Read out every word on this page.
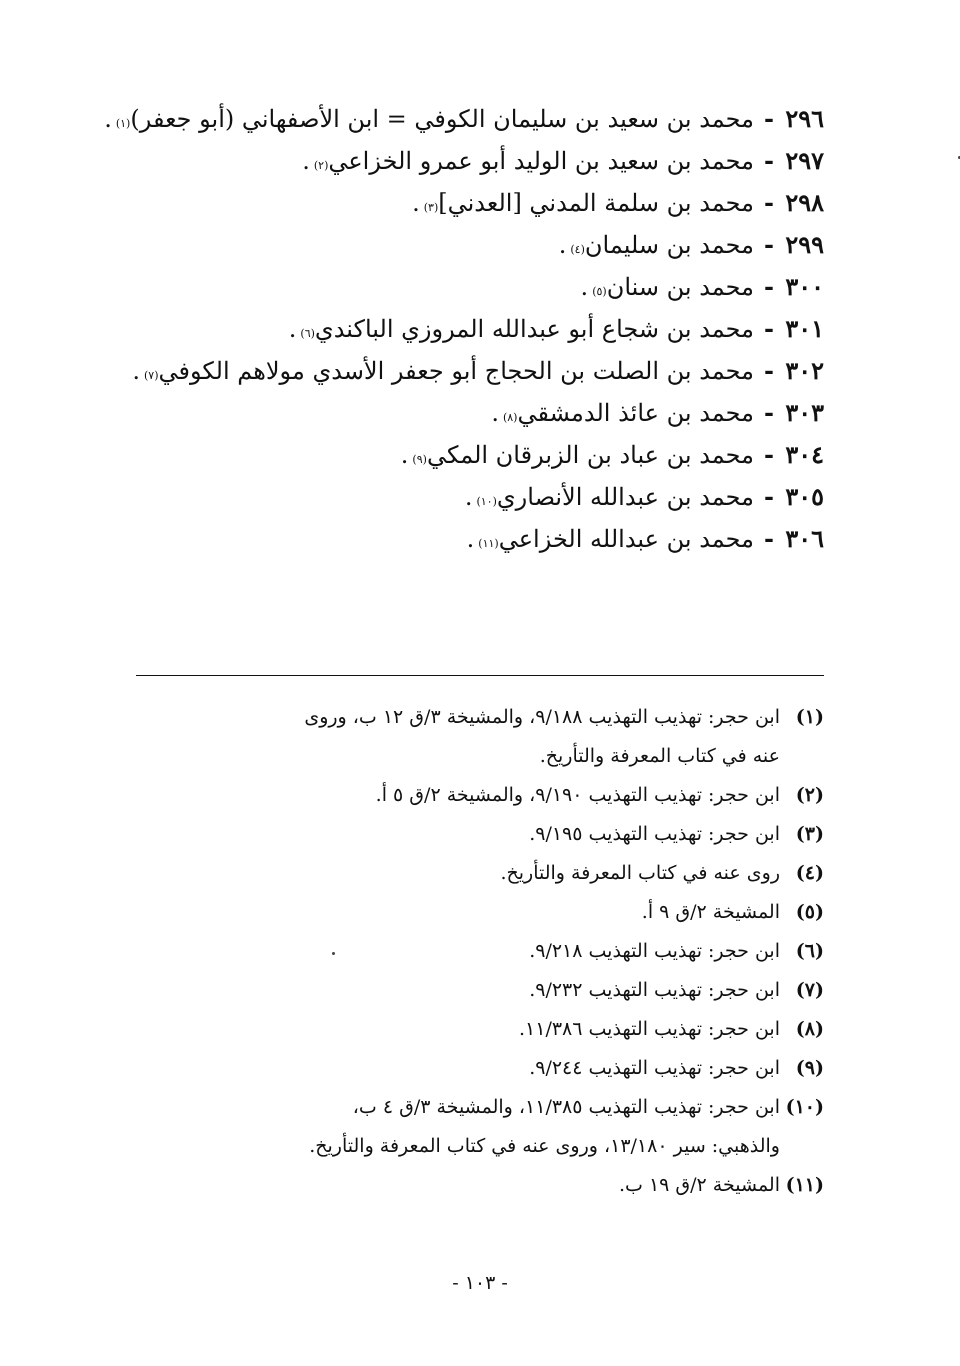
٢٩٦
-
محمد بن سعيد بن سليمان الكوفي = ابن الأصفهاني (أبو جعفر)
(١)
.
٢٩٧
-
محمد بن سعيد بن الوليد أبو عمرو الخزاعي
(٢)
.
٢٩٨
-
محمد بن سلمة المدني [العدني]
(٣)
.
٢٩٩
-
محمد بن سليمان
(٤)
.
٣٠٠
-
محمد بن سنان
(٥)
.
٣٠١
-
محمد بن شجاع أبو عبدالله المروزي الباكندي
(٦)
.
٣٠٢
-
محمد بن الصلت بن الحجاج أبو جعفر الأسدي مولاهم الكوفي
(٧)
.
٣٠٣
-
محمد بن عائذ الدمشقي
(٨)
.
٣٠٤
-
محمد بن عباد بن الزبرقان المكي
(٩)
.
٣٠٥
-
محمد بن عبدالله الأنصاري
(١٠)
.
٣٠٦
-
محمد بن عبدالله الخزاعي
(١١)
.
(١)
ابن حجر: تهذيب التهذيب ٩/١٨٨، والمشيخة ٣/ق ١٢ ب، وروى
عنه في كتاب المعرفة والتأريخ.
(٢)
ابن حجر: تهذيب التهذيب ٩/١٩٠، والمشيخة ٢/ق ٥ أ.
(٣)
ابن حجر: تهذيب التهذيب ٩/١٩٥.
(٤)
روى عنه في كتاب المعرفة والتأريخ.
(٥)
المشيخة ٢/ق ٩ أ.
(٦)
ابن حجر: تهذيب التهذيب ٩/٢١٨.
(٧)
ابن حجر: تهذيب التهذيب ٩/٢٣٢.
(٨)
ابن حجر: تهذيب التهذيب ١١/٣٨٦.
(٩)
ابن حجر: تهذيب التهذيب ٩/٢٤٤.
(١٠)
ابن حجر: تهذيب التهذيب ١١/٣٨٥، والمشيخة ٣/ق ٤ ب،
والذهبي: سير ١٣/١٨٠، وروى عنه في كتاب المعرفة والتأريخ.
(١١)
المشيخة ٢/ق ١٩ ب.
- ١٠٣ -
